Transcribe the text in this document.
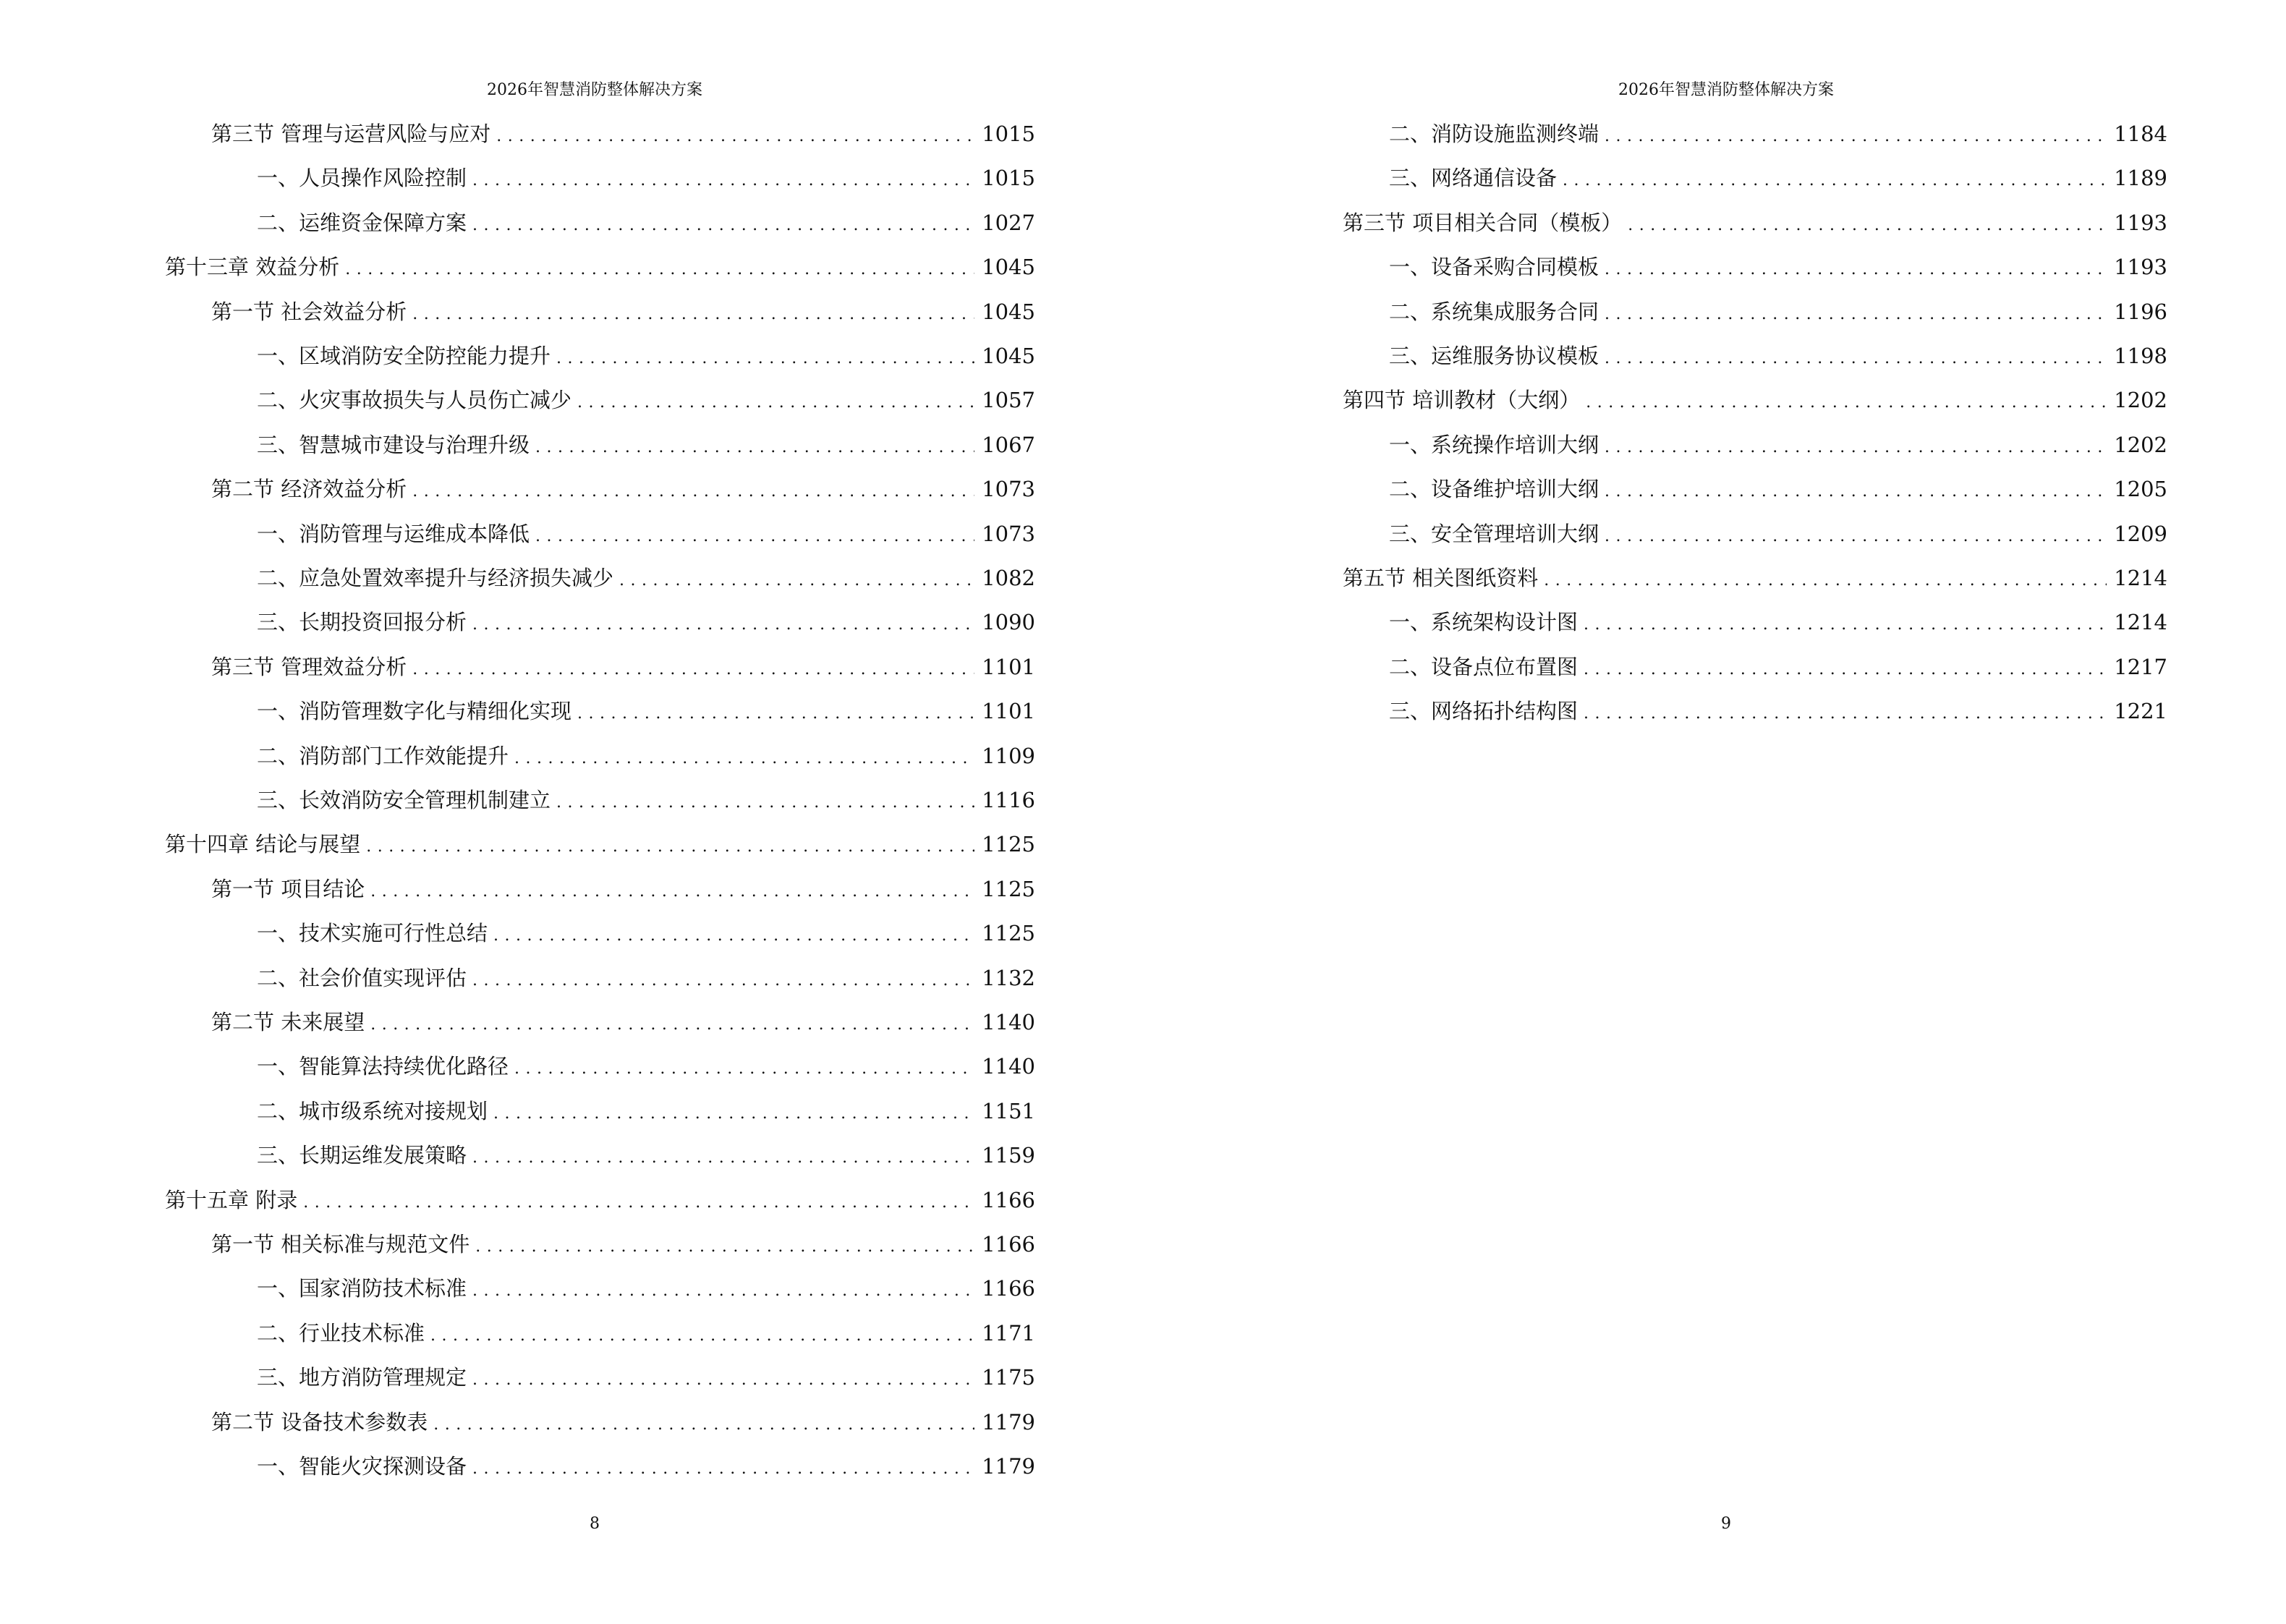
2026年智慧消防整体解决方案
第三节 管理与运营风险与应对 . . .	1015
一、人员操作风险控制 . . .	1015
二、运维资金保障方案 . . .	1027
第十三章 效益分析 . . .	1045
第一节 社会效益分析 . . .	1045
一、区域消防安全防控能力提升 . . .	1045
二、火灾事故损失与人员伤亡减少 . . .	1057
三、智慧城市建设与治理升级 . . .	1067
第二节 经济效益分析 . . .	1073
一、消防管理与运维成本降低 . . .	1073
二、应急处置效率提升与经济损失减少 . . .	1082
三、长期投资回报分析 . . .	1090
第三节 管理效益分析 . . .	1101
一、消防管理数字化与精细化实现 . . .	1101
二、消防部门工作效能提升 . . .	1109
三、长效消防安全管理机制建立 . . .	1116
第十四章 结论与展望 . . .	1125
第一节 项目结论 . . .	1125
一、技术实施可行性总结 . . .	1125
二、社会价值实现评估 . . .	1132
第二节 未来展望 . . .	1140
一、智能算法持续优化路径 . . .	1140
二、城市级系统对接规划 . . .	1151
三、长期运维发展策略 . . .	1159
第十五章 附录 . . .	1166
第一节 相关标准与规范文件 . . .	1166
一、国家消防技术标准 . . .	1166
二、行业技术标准 . . .	1171
三、地方消防管理规定 . . .	1175
第二节 设备技术参数表 . . .	1179
一、智能火灾探测设备 . . .	1179
8
2026年智慧消防整体解决方案
二、消防设施监测终端 . . .	1184
三、网络通信设备 . . .	1189
第三节 项目相关合同（模板） . . .	1193
一、设备采购合同模板 . . .	1193
二、系统集成服务合同 . . .	1196
三、运维服务协议模板 . . .	1198
第四节 培训教材（大纲） . . .	1202
一、系统操作培训大纲 . . .	1202
二、设备维护培训大纲 . . .	1205
三、安全管理培训大纲 . . .	1209
第五节 相关图纸资料 . . .	1214
一、系统架构设计图 . . .	1214
二、设备点位布置图 . . .	1217
三、网络拓扑结构图 . . .	1221
9
